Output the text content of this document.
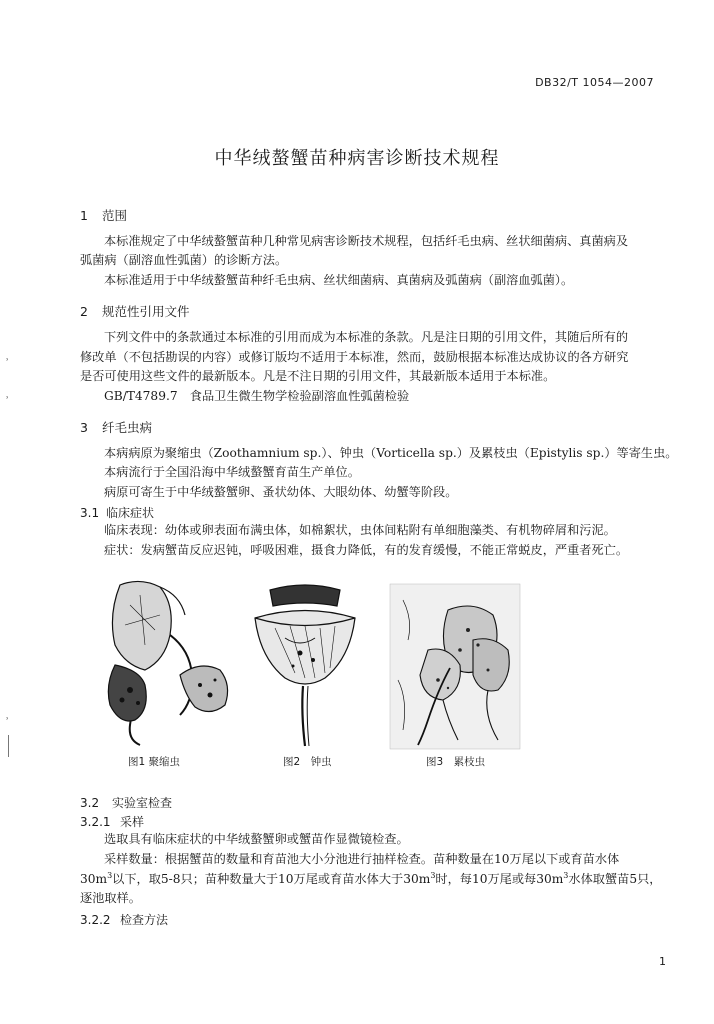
DB32/T 1054—2007
中华绒螯蟹苗种病害诊断技术规程
1 范围
本标准规定了中华绒螯蟹苗种几种常见病害诊断技术规程，包括纤毛虫病、丝状细菌病、真菌病及
弧菌病（副溶血性弧菌）的诊断方法。
本标准适用于中华绒螯蟹苗种纤毛虫病、丝状细菌病、真菌病及弧菌病（副溶血弧菌）。
2 规范性引用文件
下列文件中的条款通过本标准的引用而成为本标准的条款。凡是注日期的引用文件，其随后所有的
修改单（不包括勘误的内容）或修订版均不适用于本标准，然而，鼓励根据本标准达成协议的各方研究
是否可使用这些文件的最新版本。凡是不注日期的引用文件，其最新版本适用于本标准。
GB/T4789.7　食品卫生微生物学检验副溶血性弧菌检验
3 纤毛虫病
本病病原为聚缩虫（Zoothamnium sp.）、钟虫（Vorticella sp.）及累枝虫（Epistylis sp.）等寄生虫。
本病流行于全国沿海中华绒螯蟹育苗生产单位。
病原可寄生于中华绒螯蟹卵、蚤状幼体、大眼幼体、幼蟹等阶段。
3.1 临床症状
临床表现：幼体或卵表面布满虫体，如棉絮状，虫体间粘附有单细胞藻类、有机物碎屑和污泥。
症状：发病蟹苗反应迟钝，呼吸困难，摄食力降低，有的发育缓慢，不能正常蜕皮，严重者死亡。
图1 聚缩虫	图2　钟虫	图3　累枝虫
3.2 实验室检查
3.2.1 采样
选取具有临床症状的中华绒螯蟹卵或蟹苗作显微镜检查。
采样数量：根据蟹苗的数量和育苗池大小分池进行抽样检查。苗种数量在10万尾以下或育苗水体
$30m^3$以下，取5-8只；苗种数量大于10万尾或育苗水体大于$30m^3$时，每10万尾或每$30m^3$水体取蟹苗5只，
逐池取样。
3.2.2 检查方法
˒
˒
˒
1
